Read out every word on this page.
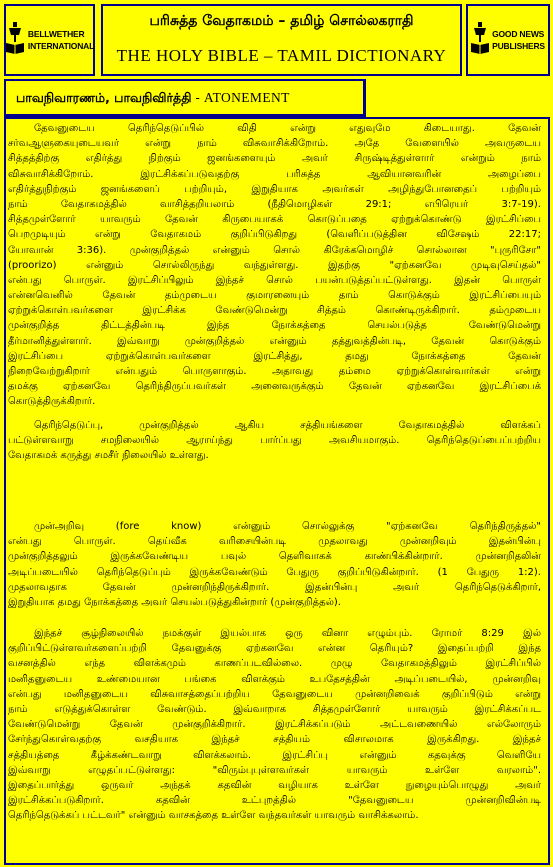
BELLWETHER
INTERNATIONAL
பரிசுத்த வேதாகமம் – தமிழ் சொல்லகராதி
THE HOLY BIBLE – TAMIL DICTIONARY
GOOD NEWS
PUBLISHERS
பாவநிவாரணம், பாவநிவிர்த்தி - ATONEMENT
தேவனுடைய தெரிந்தெடுப்பில் விதி என்று எதுவுமே கிடையாது. தேவன்
சர்வஆளுகையுடையவர் என்று நாம் விசுவாசிக்கிறோம். அதே வேளையில் அவருடைய
சித்தத்திற்கு எதிர்த்து நிற்கும் ஜனங்களையும் அவர் சிருஷ்டித்துள்ளார் என்றும் நாம்
விசுவாசிக்கிறோம். இரட்சிக்கப்படுவதற்கு பரிசுத்த ஆவியானவரின் அழைப்பை
எதிர்த்துநிற்கும் ஜனங்களைப் பற்றியும், இறுதியாக அவர்கள் அழிந்துபோனதைப் பற்றியும்
நாம் வேதாகமத்தில் வாசித்தறியலாம் (நீதிமொழிகள் 29:1; எபிரெயர் 3:7-19).
சித்தமுள்ளோர் யாவரும் தேவன் கிருபையாகக் கொடுப்பதை ஏற்றுக்கொண்டு இரட்சிப்பை
பெறமுடியும் என்று வேதாகமம் குறிப்பிடுகிறது (வெளிப்படுத்தின விசேஷம் 22:17;
யோவான் 3:36). முன்குறித்தல் என்னும் சொல் கிரேக்கமொழிச் சொல்லான "புருரிசோ"
(proorizo) என்னும் சொல்லிருந்து வந்துள்ளது. இதற்கு "ஏற்கனவே முடிவுசெய்தல்"
என்பது பொருள். இரட்சிப்பிலும் இந்தச் சொல் பயன்படுத்தப்பட்டுள்ளது. இதன் பொருள்
என்னவெனில் தேவன் தம்முடைய குமாரனையும் தாம் கொடுக்கும் இரட்சிப்பையும்
ஏற்றுக்கொள்பவர்களை இரட்சிக்க வேண்டுமென்று சித்தம் கொண்டிருக்கிறார். தம்முடைய
முன்குறித்த திட்டத்தின்படி இந்த நோக்கத்தை செயல்படுத்த வேண்டுமென்று
தீர்மானித்துள்ளார். இவ்வாறு முன்குறித்தல் என்னும் தத்துவத்தின்படி, தேவன் கொடுக்கும்
இரட்சிப்பை ஏற்றுக்கொள்பவர்களை இரட்சித்து, தமது நோக்கத்தை தேவன்
நிறைவேற்றுகிறார் என்பதும் பொருளாகும். அதாவது தம்மை ஏற்றுக்கொள்வார்கள் என்று
தமக்கு ஏற்கனவே தெரிந்திருப்பவர்கள் அனைவருக்கும் தேவன் ஏற்கனவே இரட்சிப்பைக்
கொடுத்திருக்கிறார்.
தெரிந்தெடுப்பு, முன்குறித்தல் ஆகிய சத்தியங்களை வேதாகமத்தில் விளக்கப்
பட்டுள்ளவாறு சமநிலையில் ஆராய்ந்து பார்ப்பது அவசியமாகும். தெரிந்தெடுப்பைப்பற்றிய
வேதாகமக் கருத்து சமசீர் நிலையில் உள்ளது.
முன்அறிவு (fore know) என்னும் சொல்லுக்கு "ஏற்கனவே தெரிந்திருத்தல்"
என்பது பொருள். தெய்வீக வரிசையின்படி முதலாவது முன்னறிவும் இதன்பின்பு
முன்குறித்தலும் இருக்கவேண்டிய பவுல் தெளிவாகக் காண்பிக்கின்றார். முன்னறிதலின்
அடிப்படையில் தெரிந்தெடுப்பும் இருக்கவேண்டும் பேதுரு குறிப்பிடுகின்றார். (1 பேதுரு 1:2).
முதலாவதாக தேவன் முன்னறிந்திருக்கிறார். இதன்பின்பு அவர் தெரிந்தெடுக்கிறார்,
இறுதியாக தமது நோக்கத்தை அவர் செயல்படுத்துகின்றார் (முன்குறித்தல்).
இந்தச் சூழ்நிலையில் நமக்குள் இயல்பாக ஒரு வினா எழும்பும். ரோமர் 8:29 இல்
குறிப்பிட்டுள்ளவர்களைப்பற்றி தேவனுக்கு ஏற்கனவே என்ன தெரியும்? இதைப்பற்றி இந்த
வசனத்தில் எந்த விளக்கமும் காணப்படவில்லை. முழு வேதாகமத்திலும் இரட்சிப்பில்
மனிதனுடைய உண்மையான பங்கை விளக்கும் உபதேசத்தின் அடிப்படையில், முன்னறிவு
என்பது மனிதனுடைய விசுவாசத்தைப்பற்றிய தேவனுடைய முன்னறிவைக் குறிப்பிடும் என்று
நாம் எடுத்துக்கொள்ள வேண்டும். இவ்வாறாக சித்தமுள்ளோர் யாவரும் இரட்சிக்கப்பட
வேண்டுமென்று தேவன் முன்குறிக்கிறார். இரட்சிக்கப்படும் அட்டவணையில் எல்லோரும்
சேர்ந்துகொள்வதற்கு வசதியாக இந்தச் சத்தியம் விசாலமாக இருக்கிறது. இந்தச்
சத்தியத்தை கீழ்க்கண்டவாறு விளக்கலாம். இரட்சிப்பு என்னும் கதவுக்கு வெளியே
இவ்வாறு எழுதப்பட்டுள்ளது: "விரும்புபுள்ளவர்கள் யாவரும் உள்ளே வரலாம்".
இதைப்பார்த்து ஒருவர் அந்தக் கதவின் வழியாக உள்ளே நுழையும்பொழுது அவர்
இரட்சிக்கப்படுகிறார். கதவின் உட்புறத்தில் "தேவனுடைய முன்னறிவின்படி
தெரிந்தெடுக்கப் பட்டவர்" என்னும் வாசகத்தை உள்ளே வந்தவர்கள் யாவரும் வாசிக்கலாம்.
